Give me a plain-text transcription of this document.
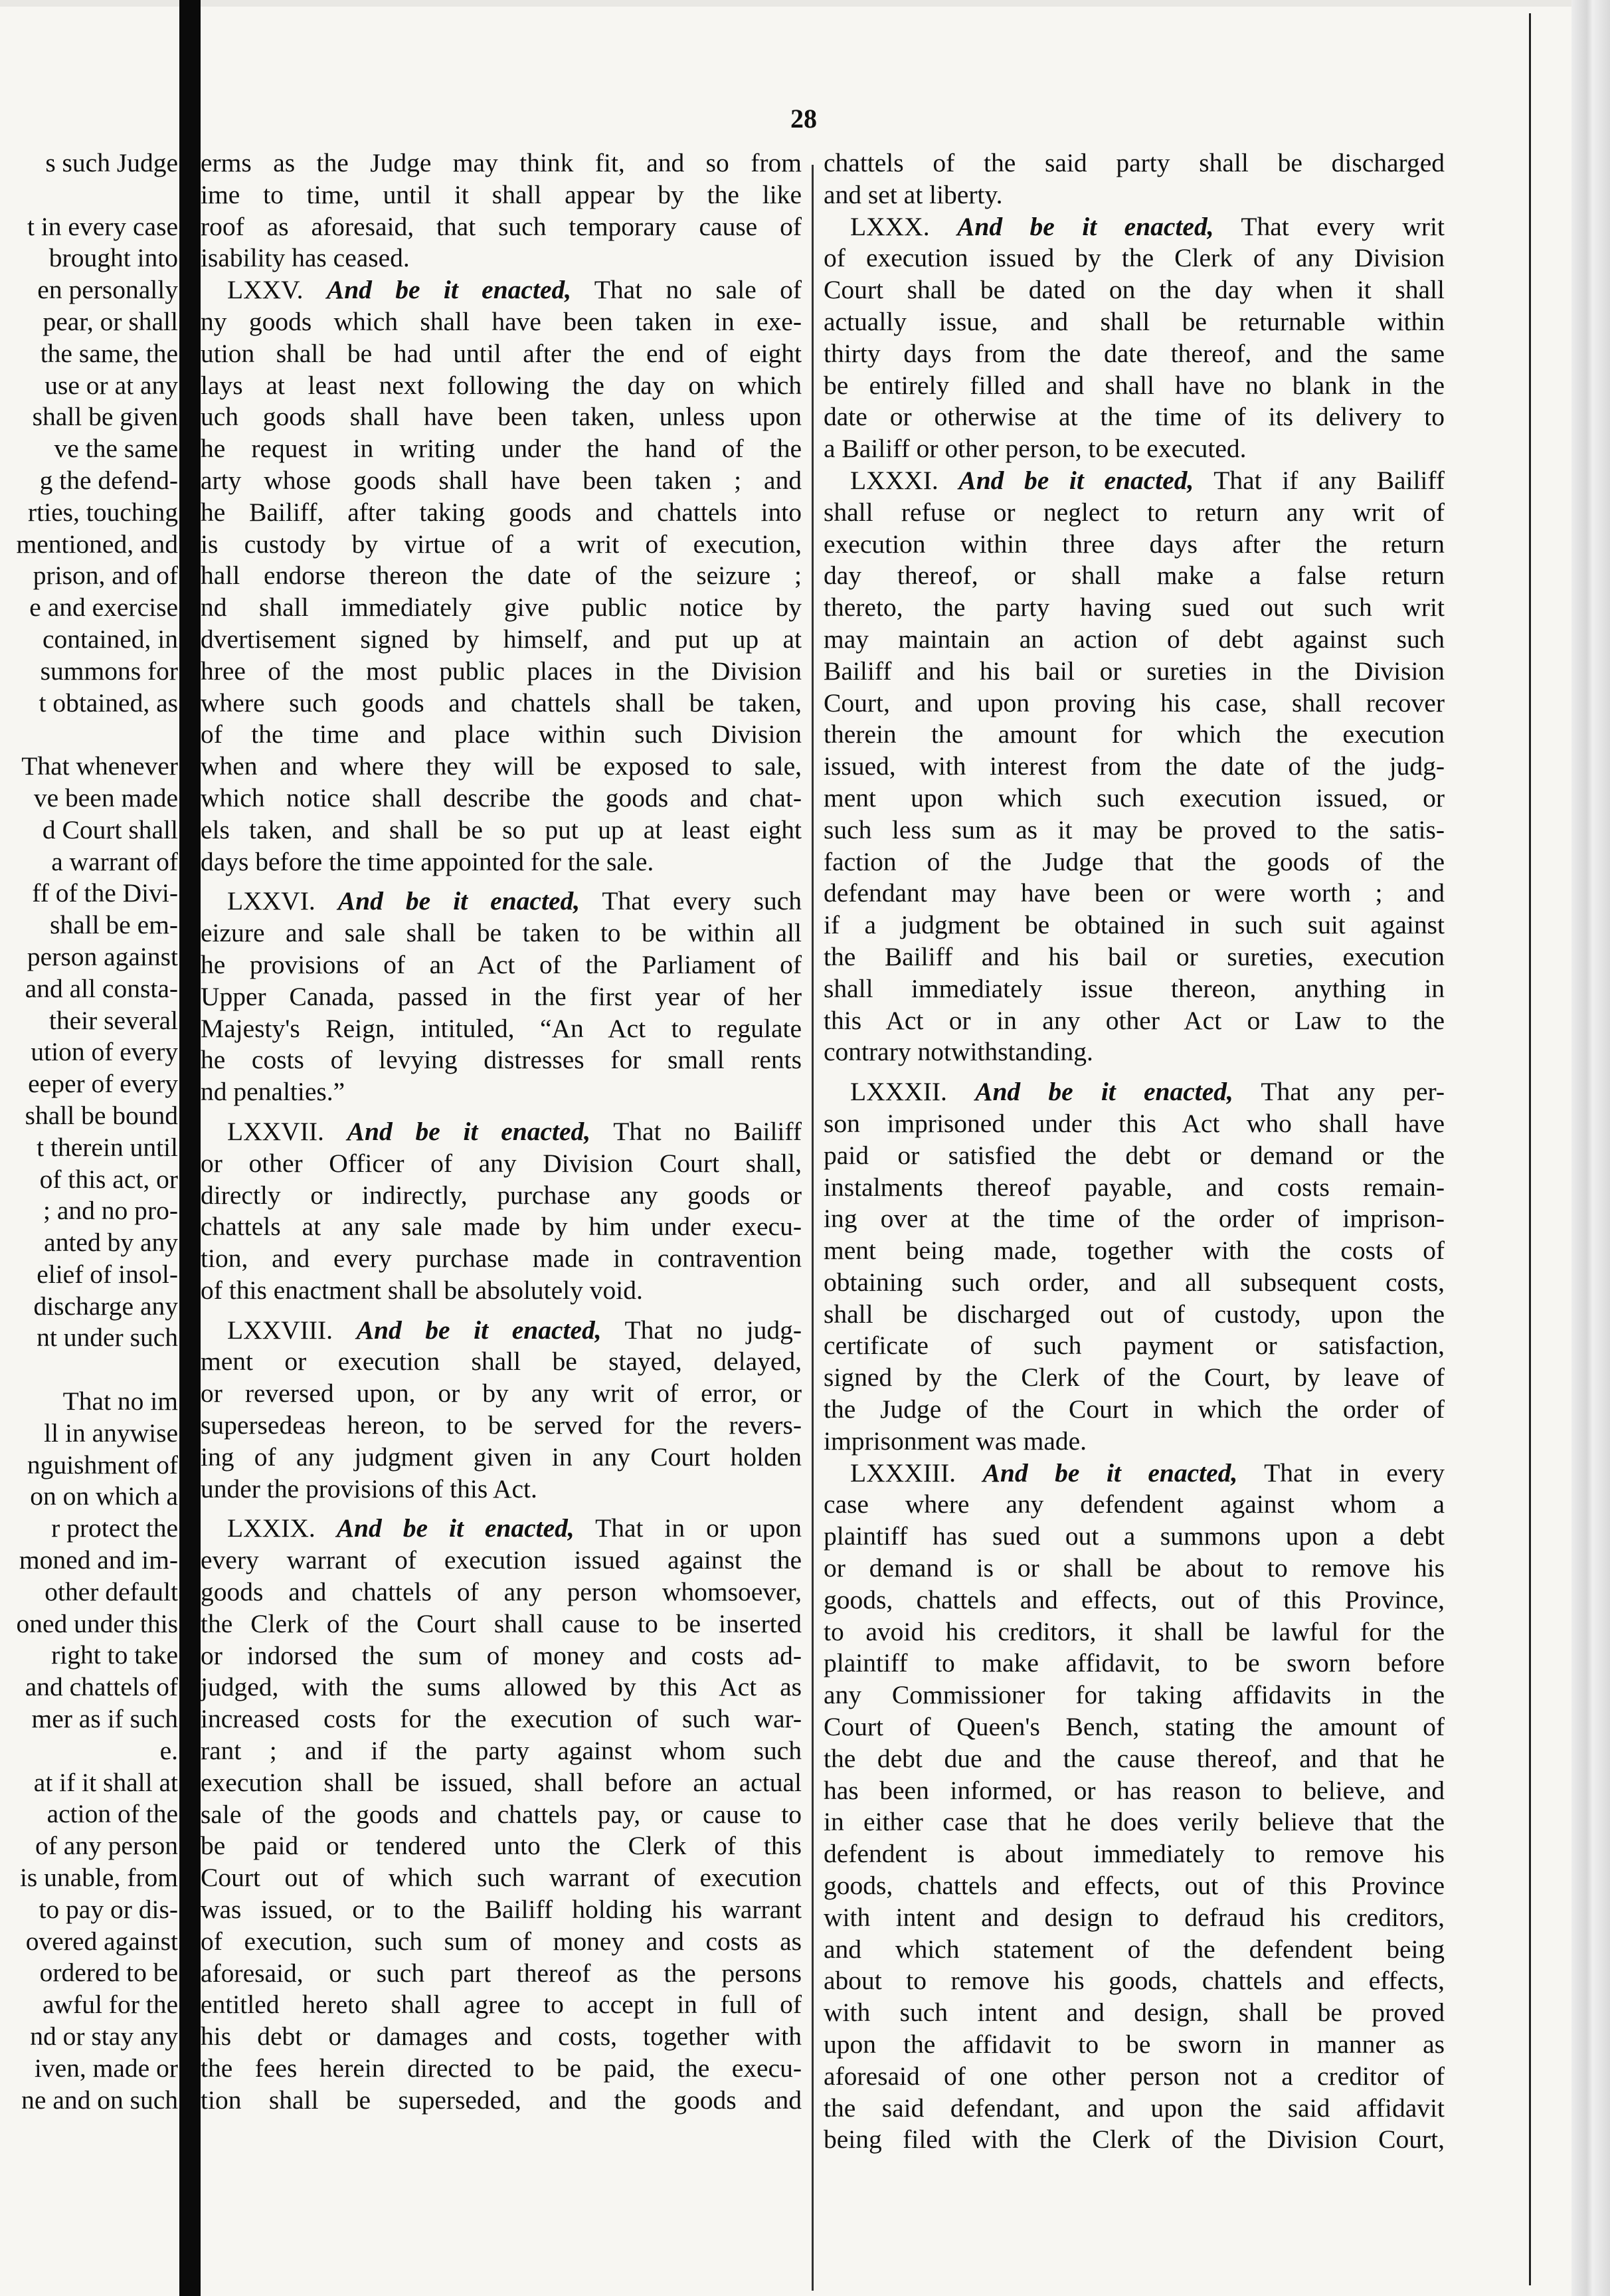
28
s such Judge
t in every case
brought into
en personally
pear, or shall
the same, the
use or at any
shall be given
ve the same
g the defend-
rties, touching
mentioned, and
prison, and of
e and exercise
contained, in
summons for
t obtained, as
That whenever
ve been made
d Court shall
a warrant of
ff of the Divi-
shall be em-
person against
and all consta-
their several
ution of every
eeper of every
shall be bound
t therein until
of this act, or
; and no pro-
anted by any
elief of insol-
discharge any
nt under such
That no im
ll in anywise
nguishment of
on on which a
r protect the
moned and im-
other default
oned under this
right to take
and chattels of
mer as if such
e.
at if it shall at
action of the
of any person
is unable, from
to pay or dis-
overed against
ordered to be
awful for the
nd or stay any
iven, made or
ne and on such
erms as the Judge may think fit, and so from
ime to time, until it shall appear by the like
roof as aforesaid, that such temporary cause of
isability has ceased.
LXXV. And be it enacted, That no sale of
ny goods which shall have been taken in exe-
ution shall be had until after the end of eight
lays at least next following the day on which
uch goods shall have been taken, unless upon
he request in writing under the hand of the
arty whose goods shall have been taken ; and
he Bailiff, after taking goods and chattels into
is custody by virtue of a writ of execution,
hall endorse thereon the date of the seizure ;
nd shall immediately give public notice by
dvertisement signed by himself, and put up at
hree of the most public places in the Division
where such goods and chattels shall be taken,
of the time and place within such Division
when and where they will be exposed to sale,
which notice shall describe the goods and chat-
els taken, and shall be so put up at least eight
days before the time appointed for the sale.
LXXVI. And be it enacted, That every such
eizure and sale shall be taken to be within all
he provisions of an Act of the Parliament of
Upper Canada, passed in the first year of her
Majesty's Reign, intituled, “An Act to regulate
he costs of levying distresses for small rents
nd penalties.”
LXXVII. And be it enacted, That no Bailiff
or other Officer of any Division Court shall,
directly or indirectly, purchase any goods or
chattels at any sale made by him under execu-
tion, and every purchase made in contravention
of this enactment shall be absolutely void.
LXXVIII. And be it enacted, That no judg-
ment or execution shall be stayed, delayed,
or reversed upon, or by any writ of error, or
supersedeas hereon, to be served for the revers-
ing of any judgment given in any Court holden
under the provisions of this Act.
LXXIX. And be it enacted, That in or upon
every warrant of execution issued against the
goods and chattels of any person whomsoever,
the Clerk of the Court shall cause to be inserted
or indorsed the sum of money and costs ad-
judged, with the sums allowed by this Act as
increased costs for the execution of such war-
rant ; and if the party against whom such
execution shall be issued, shall before an actual
sale of the goods and chattels pay, or cause to
be paid or tendered unto the Clerk of this
Court out of which such warrant of execution
was issued, or to the Bailiff holding his warrant
of execution, such sum of money and costs as
aforesaid, or such part thereof as the persons
entitled hereto shall agree to accept in full of
his debt or damages and costs, together with
the fees herein directed to be paid, the execu-
tion shall be superseded, and the goods and
chattels of the said party shall be discharged
and set at liberty.
LXXX. And be it enacted, That every writ
of execution issued by the Clerk of any Division
Court shall be dated on the day when it shall
actually issue, and shall be returnable within
thirty days from the date thereof, and the same
be entirely filled and shall have no blank in the
date or otherwise at the time of its delivery to
a Bailiff or other person, to be executed.
LXXXI. And be it enacted, That if any Bailiff
shall refuse or neglect to return any writ of
execution within three days after the return
day thereof, or shall make a false return
thereto, the party having sued out such writ
may maintain an action of debt against such
Bailiff and his bail or sureties in the Division
Court, and upon proving his case, shall recover
therein the amount for which the execution
issued, with interest from the date of the judg-
ment upon which such execution issued, or
such less sum as it may be proved to the satis-
faction of the Judge that the goods of the
defendant may have been or were worth ; and
if a judgment be obtained in such suit against
the Bailiff and his bail or sureties, execution
shall immediately issue thereon, anything in
this Act or in any other Act or Law to the
contrary notwithstanding.
LXXXII. And be it enacted, That any per-
son imprisoned under this Act who shall have
paid or satisfied the debt or demand or the
instalments thereof payable, and costs remain-
ing over at the time of the order of imprison-
ment being made, together with the costs of
obtaining such order, and all subsequent costs,
shall be discharged out of custody, upon the
certificate of such payment or satisfaction,
signed by the Clerk of the Court, by leave of
the Judge of the Court in which the order of
imprisonment was made.
LXXXIII. And be it enacted, That in every
case where any defendent against whom a
plaintiff has sued out a summons upon a debt
or demand is or shall be about to remove his
goods, chattels and effects, out of this Province,
to avoid his creditors, it shall be lawful for the
plaintiff to make affidavit, to be sworn before
any Commissioner for taking affidavits in the
Court of Queen's Bench, stating the amount of
the debt due and the cause thereof, and that he
has been informed, or has reason to believe, and
in either case that he does verily believe that the
defendent is about immediately to remove his
goods, chattels and effects, out of this Province
with intent and design to defraud his creditors,
and which statement of the defendent being
about to remove his goods, chattels and effects,
with such intent and design, shall be proved
upon the affidavit to be sworn in manner as
aforesaid of one other person not a creditor of
the said defendant, and upon the said affidavit
being filed with the Clerk of the Division Court,
